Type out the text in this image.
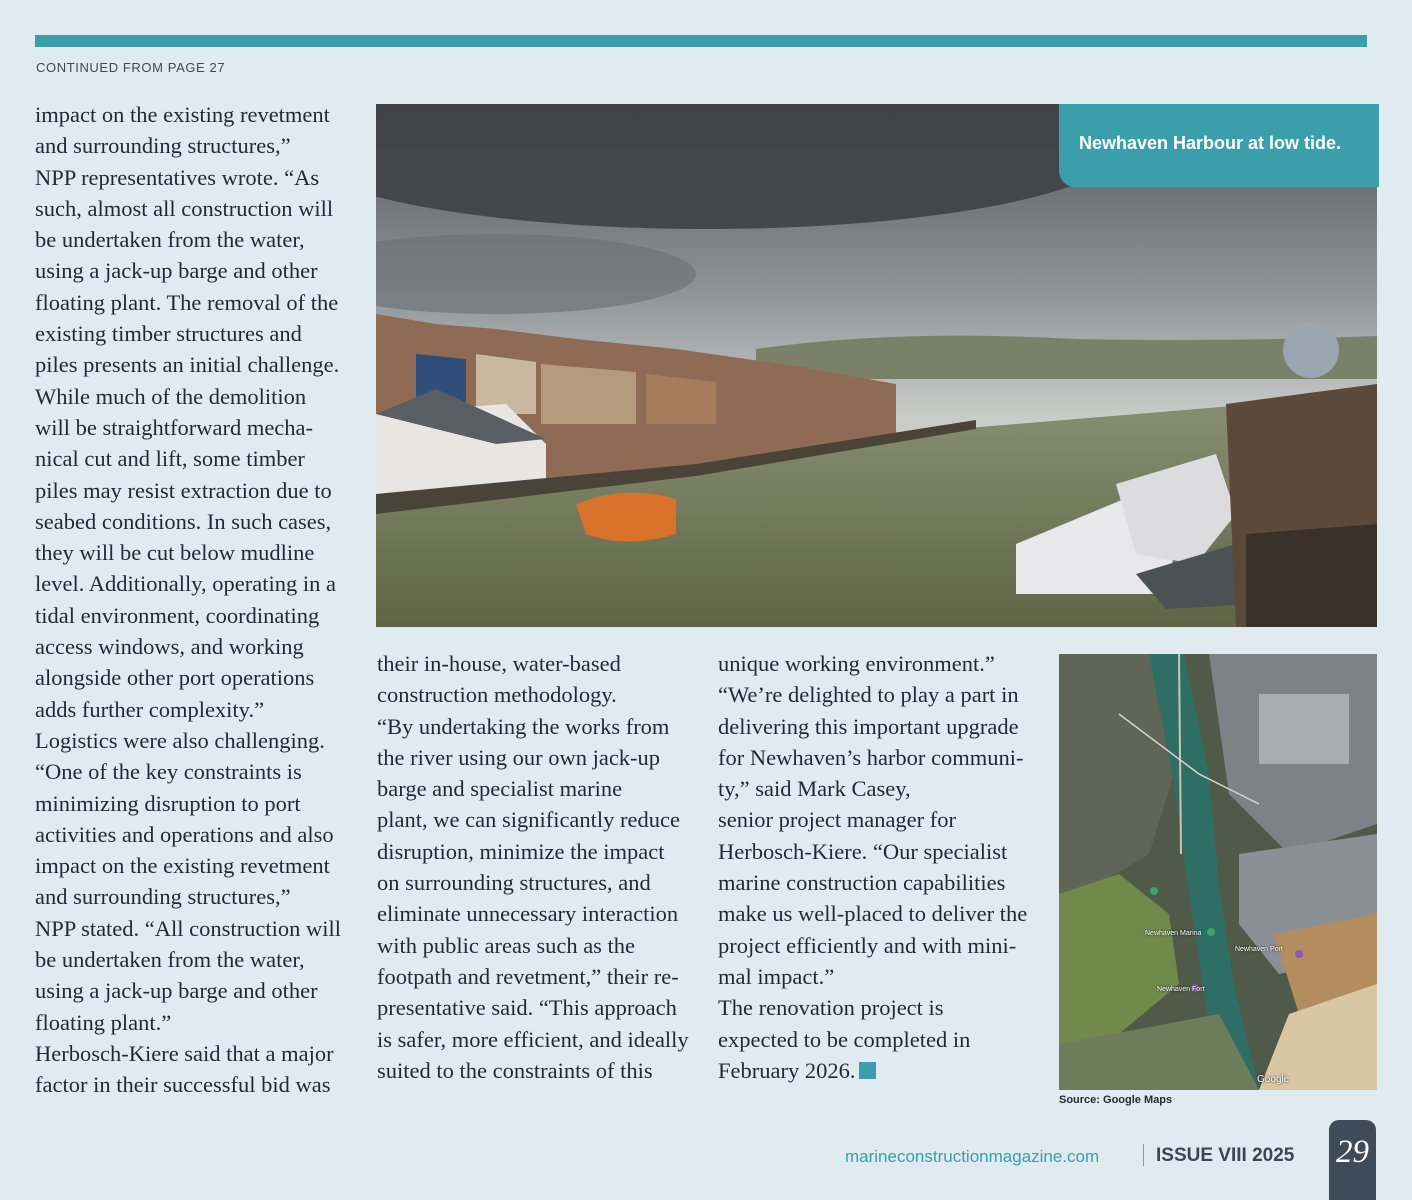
CONTINUED FROM PAGE 27

impact on the existing revetment

and surrounding structures,”

NPP representatives wrote. “As

such, almost all construction will

be undertaken from the water,

using a jack-up barge and other

floating plant. The removal of the

existing timber structures and

piles presents an initial challenge.

While much of the demolition

will be straightforward mecha-

nical cut and lift, some timber

piles may resist extraction due to

seabed conditions. In such cases,

they will be cut below mudline

level. Additionally, operating in a

tidal environment, coordinating

access windows, and working

alongside other port operations

adds further complexity.”

Logistics were also challenging.

“One of the key constraints is

minimizing disruption to port

activities and operations and also

impact on the existing revetment

and surrounding structures,”

NPP stated. “All construction will

be undertaken from the water,

using a jack-up barge and other

floating plant.”

Herbosch-Kiere said that a major

factor in their successful bid was

Newhaven Harbour at low tide.

their in-house, water-based

construction methodology.

“By undertaking the works from

the river using our own jack-up

barge and specialist marine

plant, we can significantly reduce

disruption, minimize the impact

on surrounding structures, and

eliminate unnecessary interaction

with public areas such as the

footpath and revetment,” their re-

presentative said. “This approach

is safer, more efficient, and ideally

suited to the constraints of this

unique working environment.”

“We’re delighted to play a part in

delivering this important upgrade

for Newhaven’s harbor communi-

ty,” said Mark Casey,

senior project manager for

Herbosch-Kiere. “Our specialist

marine construction capabilities

make us well-placed to deliver the

project efficiently and with mini-

mal impact.”

The renovation project is

expected to be completed in

February 2026.

Newhaven Marina
Newhaven Fort
Newhaven Port
Google
Source: Google Maps
marineconstructionmagazine.com	ISSUE VIII 2025 29
